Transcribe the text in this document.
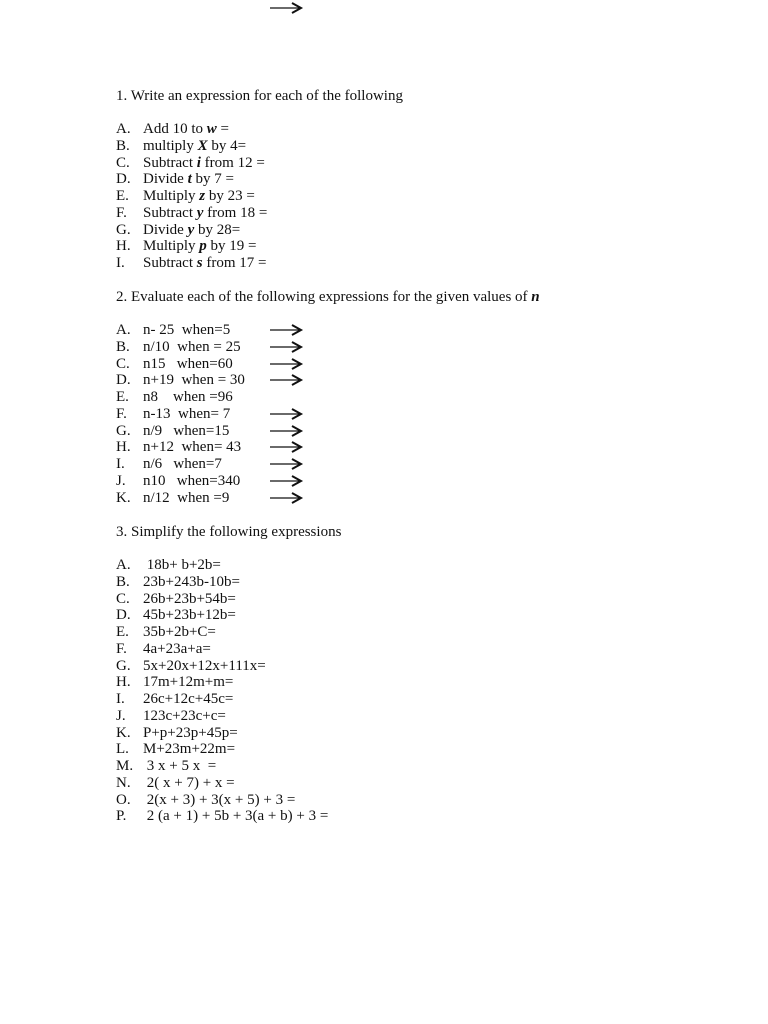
1. Write an expression for each of the following
A. Add 10 to w =
B. multiply X by 4=
C. Subtract i from 12 =
D. Divide t by 7 =
E. Multiply z by 23 =
F. Subtract y from 18 =
G. Divide y by 28=
H. Multiply p by 19 =
I. Subtract s from 17 =
2. Evaluate each of the following expressions for the given values of n
A. n- 25  when=5
B. n/10  when = 25
C. n15   when=60
D. n+19  when = 30
E. n8    when =96
F. n-13  when= 7
G. n/9   when=15
H. n+12  when= 43
I. n/6   when=7
J. n10   when=340
K. n/12  when =9
3. Simplify the following expressions
A. 18b+ b+2b=
B. 23b+243b-10b=
C. 26b+23b+54b=
D. 45b+23b+12b=
E. 35b+2b+C=
F. 4a+23a+a=
G. 5x+20x+12x+111x=
H. 17m+12m+m=
I. 26c+12c+45c=
J. 123c+23c+c=
K. P+p+23p+45p=
L. M+23m+22m=
M. 3 x + 5 x  =
N. 2( x + 7) + x =
O. 2(x + 3) + 3(x + 5) + 3 =
P. 2 (a + 1) + 5b + 3(a + b) + 3 =
